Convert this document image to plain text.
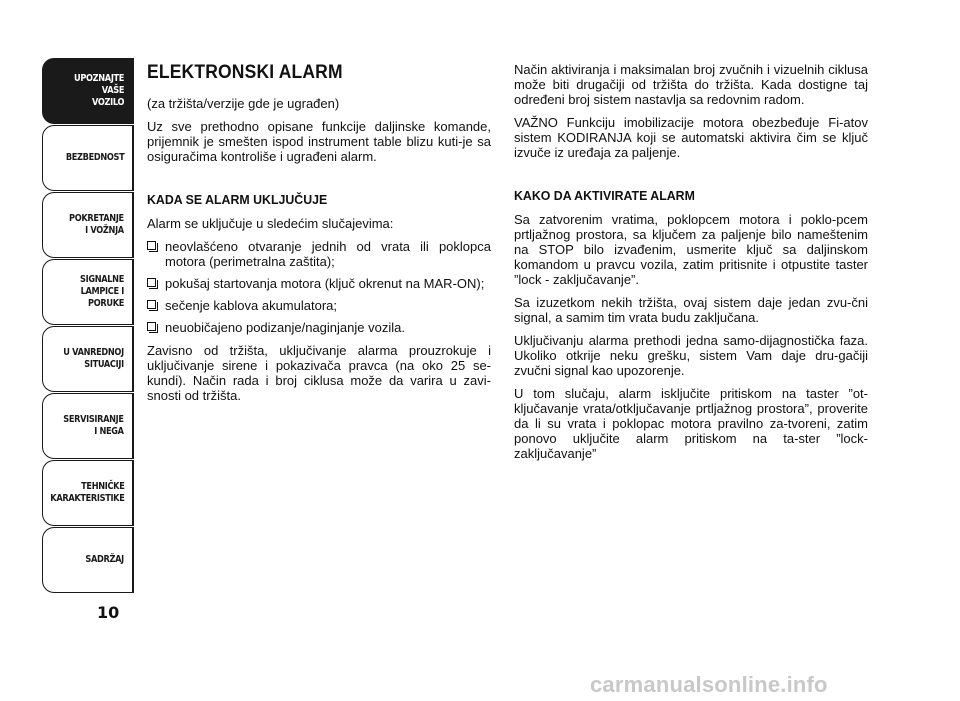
UPOZNAJTE
VAŠE
VOZILO
BEZBEDNOST
POKRETANJE
I VOŽNJA
SIGNALNE
LAMPICE I PORUKE
U VANREDNOJ
SITUACIJI
SERVISIRANJE
I NEGA
TEHNIČKE
KARAKTERISTIKE
SADRŽAJ
10
ELEKTRONSKI ALARM

(za tržišta/verzije gde je ugrađen)

Uz sve prethodno opisane funkcije daljinske komande, prijemnik je smešten ispod instrument table blizu kuti-je sa osiguračima kontroliše i ugrađeni alarm.

KADA SE ALARM UKLJUČUJE

Alarm se uključuje u sledećim slučajevima:

neovlašćeno otvaranje jednih od vrata ili poklopca motora (perimetralna zaštita);
pokušaj startovanja motora (ključ okrenut na MAR-ON);
sečenje kablova akumulatora;
neuobičajeno podizanje/naginjanje vozila.

Zavisno od tržišta, uključivanje alarma prouzrokuje i uključivanje sirene i pokazivača pravca (na oko 25 se-kundi). Način rada i broj ciklusa može da varira u zavi-snosti od tržišta.

Način aktiviranja i maksimalan broj zvučnih i vizuelnih ciklusa može biti drugačiji od tržišta do tržišta. Kada dostigne taj određeni broj sistem nastavlja sa redovnim radom.

VAŽNO Funkciju imobilizacije motora obezbeđuje Fi-atov sistem KODIRANJA koji se automatski aktivira čim se ključ izvuče iz uređaja za paljenje.

KAKO DA AKTIVIRATE ALARM

Sa zatvorenim vratima, poklopcem motora i poklo-pcem prtljažnog prostora, sa ključem za paljenje bilo nameštenim na STOP bilo izvađenim, usmerite ključ sa daljinskom komandom u pravcu vozila, zatim pritisnite i otpustite taster ”lock - zaključavanje”.

Sa izuzetkom nekih tržišta, ovaj sistem daje jedan zvu-čni signal, a samim tim vrata budu zaključana.

Uključivanju alarma prethodi jedna samo-dijagnostička faza. Ukoliko otkrije neku grešku, sistem Vam daje dru-gačiji zvučni signal kao upozorenje.

U tom slučaju, alarm isključite pritiskom na taster ”ot-ključavanje vrata/otključavanje prtljažnog prostora”, proverite da li su vrata i poklopac motora pravilno za-tvoreni, zatim ponovo uključite alarm pritiskom na ta-ster ”lock-zaključavanje”

carmanualsonline.info
